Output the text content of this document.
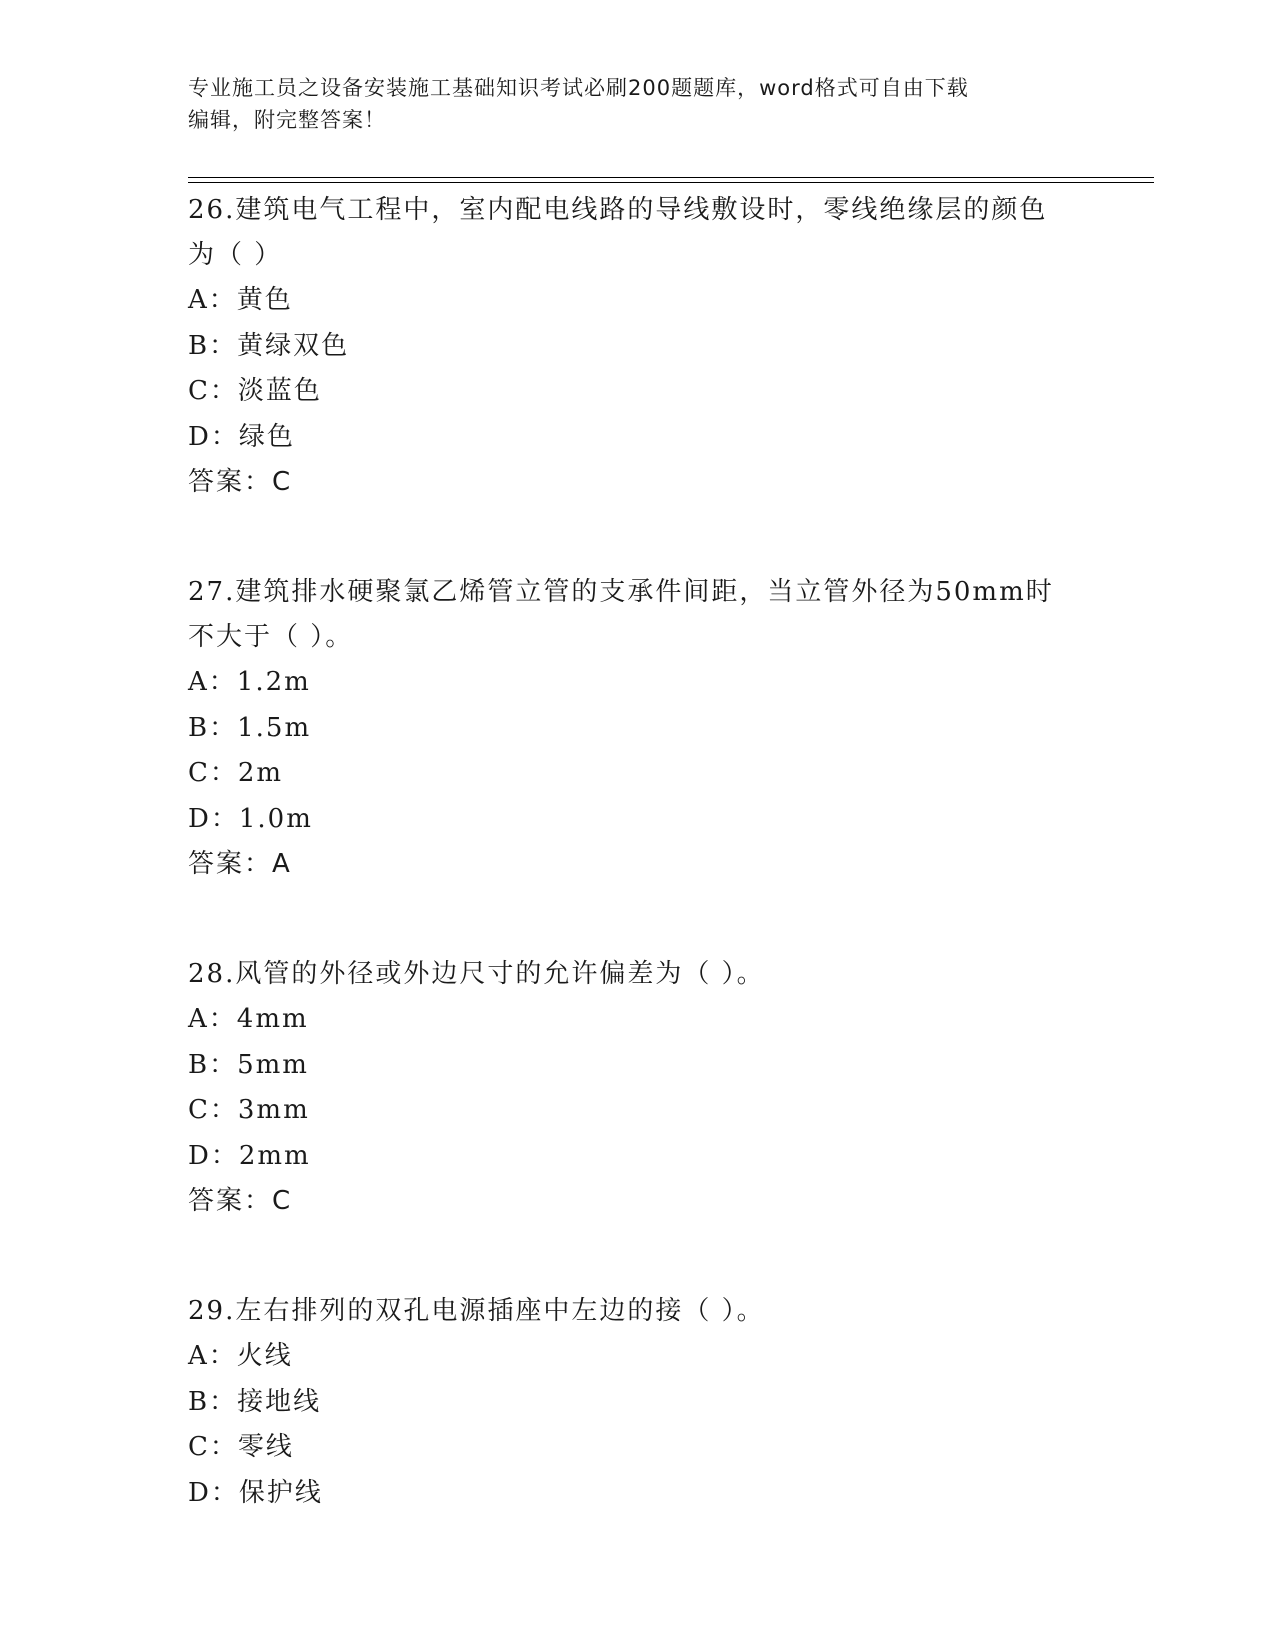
专业施工员之设备安装施工基础知识考试必刷200题题库，word格式可自由下载
编辑，附完整答案！

26.建筑电气工程中，室内配电线路的导线敷设时，零线绝缘层的颜色

为（ ）

A：黄色

B：黄绿双色

C：淡蓝色

D：绿色

答案：C

27.建筑排水硬聚氯乙烯管立管的支承件间距，当立管外径为50mm时

不大于（ ）。

A：1.2m

B：1.5m

C：2m

D：1.0m

答案：A

28.风管的外径或外边尺寸的允许偏差为（ ）。

A：4mm

B：5mm

C：3mm

D：2mm

答案：C

29.左右排列的双孔电源插座中左边的接（ ）。

A：火线

B：接地线

C：零线

D：保护线
